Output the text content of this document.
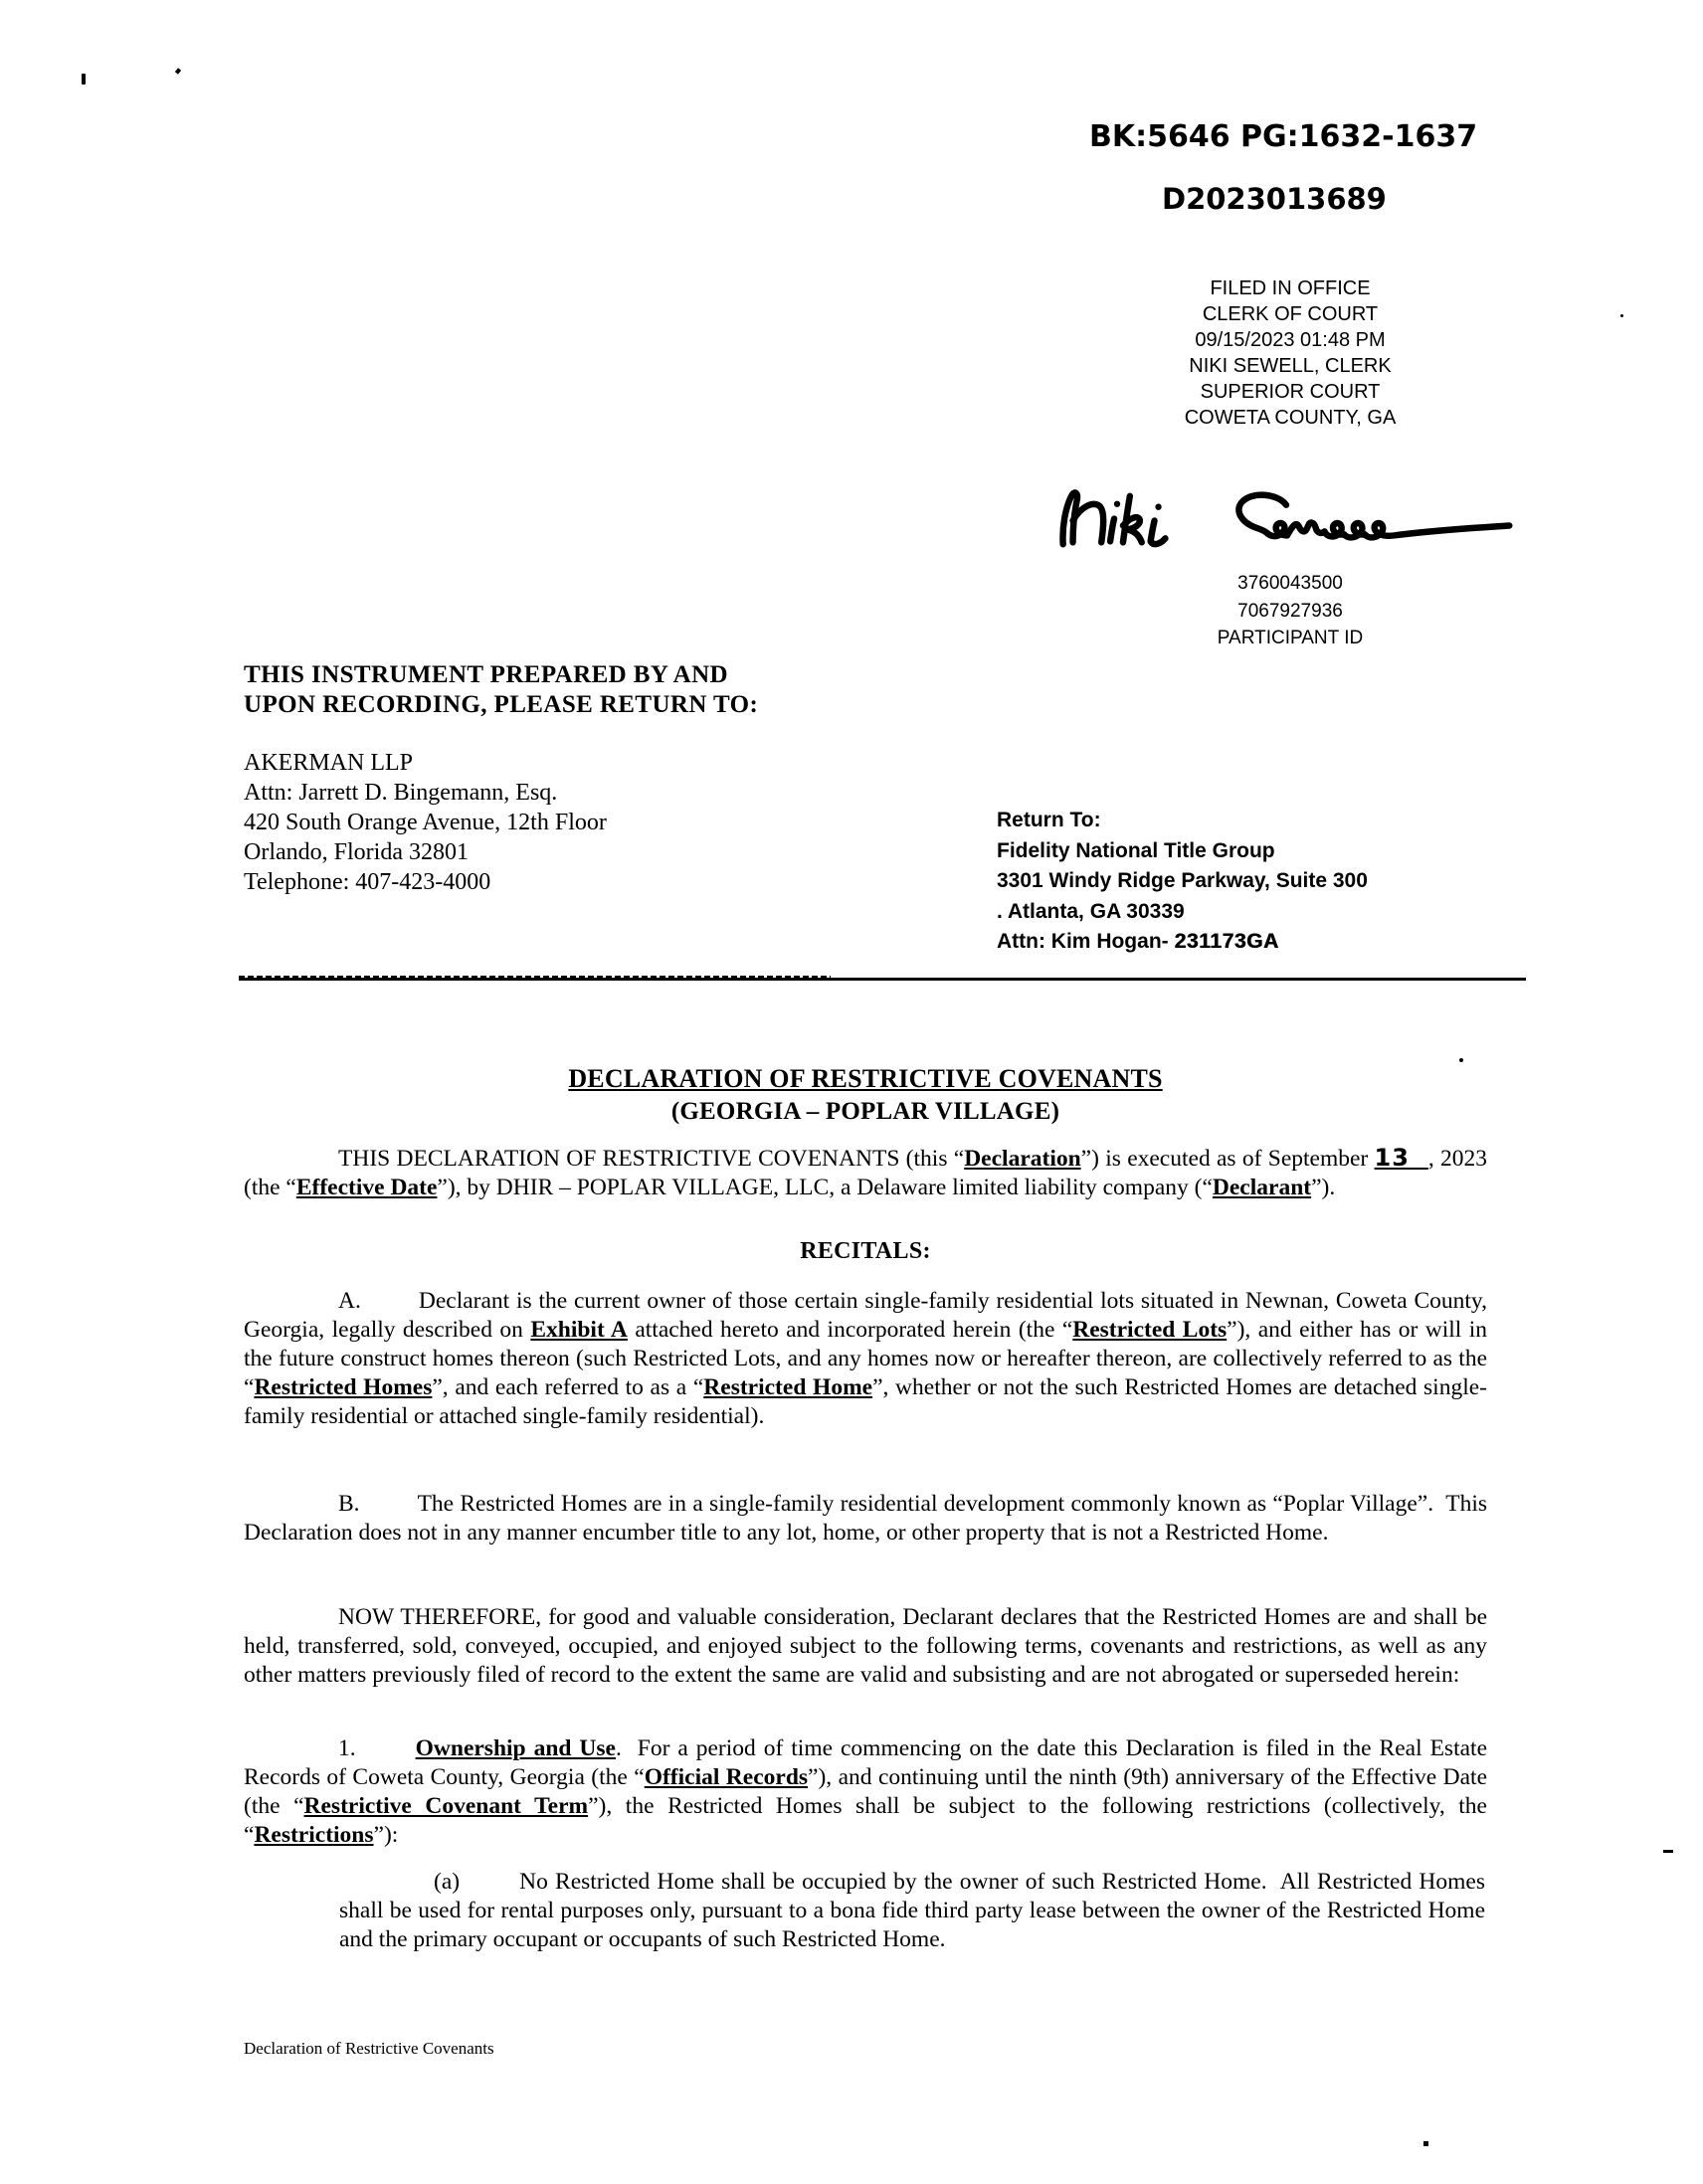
BK:5646 PG:1632-1637
D2023013689
FILED IN OFFICE
CLERK OF COURT
09/15/2023 01:48 PM
NIKI SEWELL, CLERK
SUPERIOR COURT
COWETA COUNTY, GA
3760043500
7067927936
PARTICIPANT ID
THIS INSTRUMENT PREPARED BY AND
UPON RECORDING, PLEASE RETURN TO:
AKERMAN LLP
Attn: Jarrett D. Bingemann, Esq.
420 South Orange Avenue, 12th Floor
Orlando, Florida 32801
Telephone: 407-423-4000
Return To:
Fidelity National Title Group
3301 Windy Ridge Parkway, Suite 300
. Atlanta, GA 30339
Attn: Kim Hogan- 231173GA
DECLARATION OF RESTRICTIVE COVENANTS
(GEORGIA – POPLAR VILLAGE)
THIS DECLARATION OF RESTRICTIVE COVENANTS (this “Declaration”) is executed as of September 13 , 2023 (the “Effective Date”), by DHIR – POPLAR VILLAGE, LLC, a Delaware limited liability company (“Declarant”).
RECITALS:
A. Declarant is the current owner of those certain single-family residential lots situated in Newnan, Coweta County, Georgia, legally described on Exhibit A attached hereto and incorporated herein (the “Restricted Lots”), and either has or will in the future construct homes thereon (such Restricted Lots, and any homes now or hereafter thereon, are collectively referred to as the “Restricted Homes”, and each referred to as a “Restricted Home”, whether or not the such Restricted Homes are detached single-family residential or attached single-family residential).
B. The Restricted Homes are in a single-family residential development commonly known as “Poplar Village”.  This Declaration does not in any manner encumber title to any lot, home, or other property that is not a Restricted Home.
NOW THEREFORE, for good and valuable consideration, Declarant declares that the Restricted Homes are and shall be held, transferred, sold, conveyed, occupied, and enjoyed subject to the following terms, covenants and restrictions, as well as any other matters previously filed of record to the extent the same are valid and subsisting and are not abrogated or superseded herein:
1.	Ownership and Use.  For a period of time commencing on the date this Declaration is filed in the Real Estate Records of Coweta County, Georgia (the “Official Records”), and continuing until the ninth (9th) anniversary of the Effective Date (the “Restrictive Covenant Term”), the Restricted Homes shall be subject to the following restrictions (collectively, the “Restrictions”):
(a)	No Restricted Home shall be occupied by the owner of such Restricted Home.  All Restricted Homes shall be used for rental purposes only, pursuant to a bona fide third party lease between the owner of the Restricted Home and the primary occupant or occupants of such Restricted Home.
Declaration of Restrictive Covenants
